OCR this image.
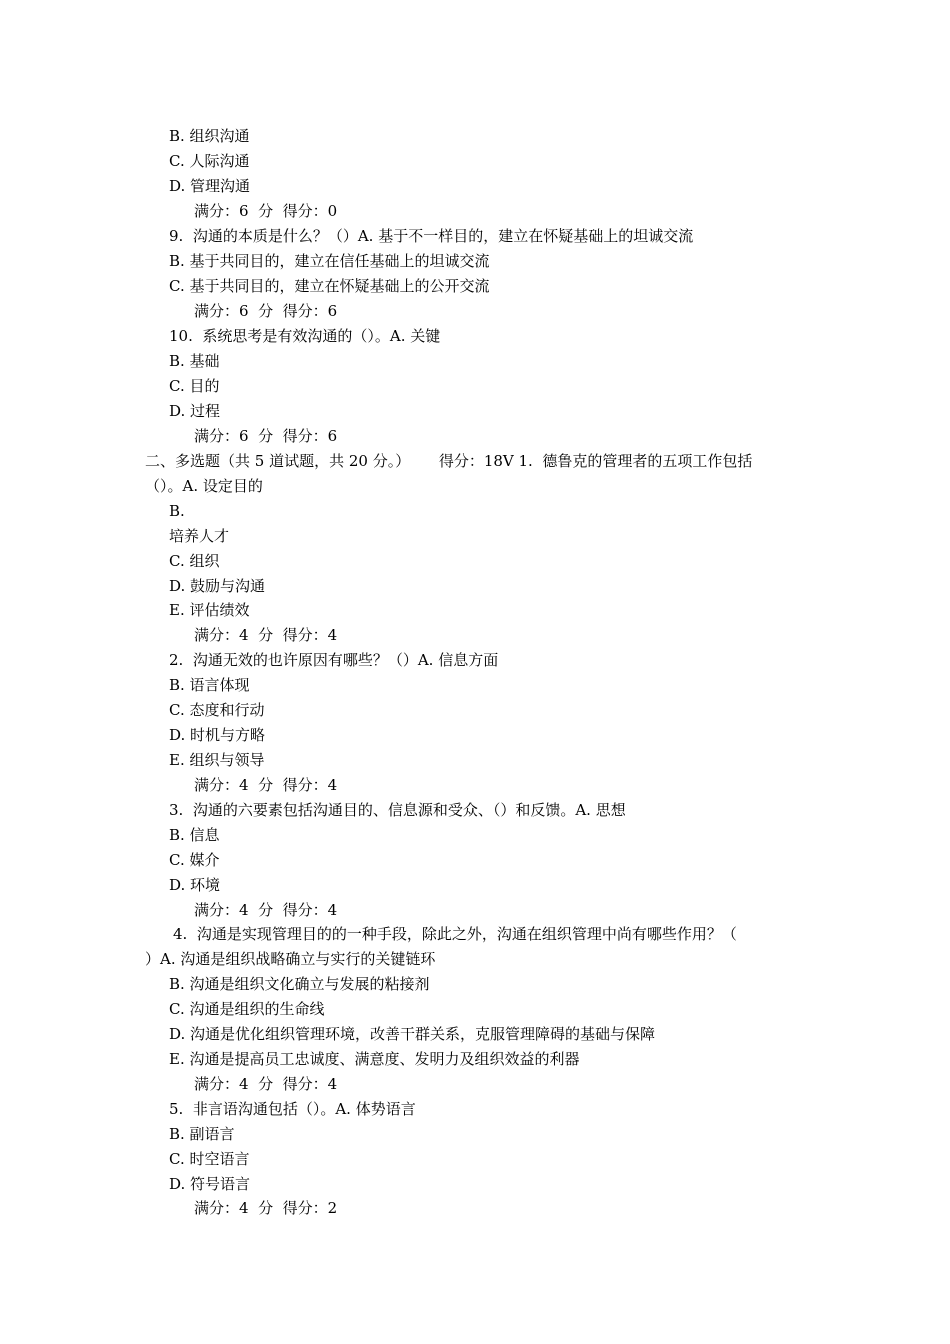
B. 组织沟通
C. 人际沟通
D. 管理沟通
满分：6  分  得分：0
9.  沟通的本质是什么？（）A. 基于不一样目的，建立在怀疑基础上的坦诚交流
B. 基于共同目的，建立在信任基础上的坦诚交流
C. 基于共同目的，建立在怀疑基础上的公开交流
满分：6  分  得分：6
10.  系统思考是有效沟通的（）。A. 关键
B. 基础
C. 目的
D. 过程
满分：6  分  得分：6
二、多选题（共 5 道试题，共 20 分。）      得分：18V 1.  德鲁克的管理者的五项工作包括
（）。A. 设定目的
B.
培养人才
C. 组织
D. 鼓励与沟通
E. 评估绩效
满分：4  分  得分：4
2.  沟通无效的也许原因有哪些？（）A. 信息方面
B. 语言体现
C. 态度和行动
D. 时机与方略
E. 组织与领导
满分：4  分  得分：4
3.  沟通的六要素包括沟通目的、信息源和受众、（）和反馈。A. 思想
B. 信息
C. 媒介
D. 环境
满分：4  分  得分：4
4.  沟通是实现管理目的的一种手段，除此之外，沟通在组织管理中尚有哪些作用？（
）A. 沟通是组织战略确立与实行的关键链环
B. 沟通是组织文化确立与发展的粘接剂
C. 沟通是组织的生命线
D. 沟通是优化组织管理环境，改善干群关系，克服管理障碍的基础与保障
E. 沟通是提高员工忠诚度、满意度、发明力及组织效益的利器
满分：4  分  得分：4
5.  非言语沟通包括（）。A. 体势语言
B. 副语言
C. 时空语言
D. 符号语言
满分：4  分  得分：2
